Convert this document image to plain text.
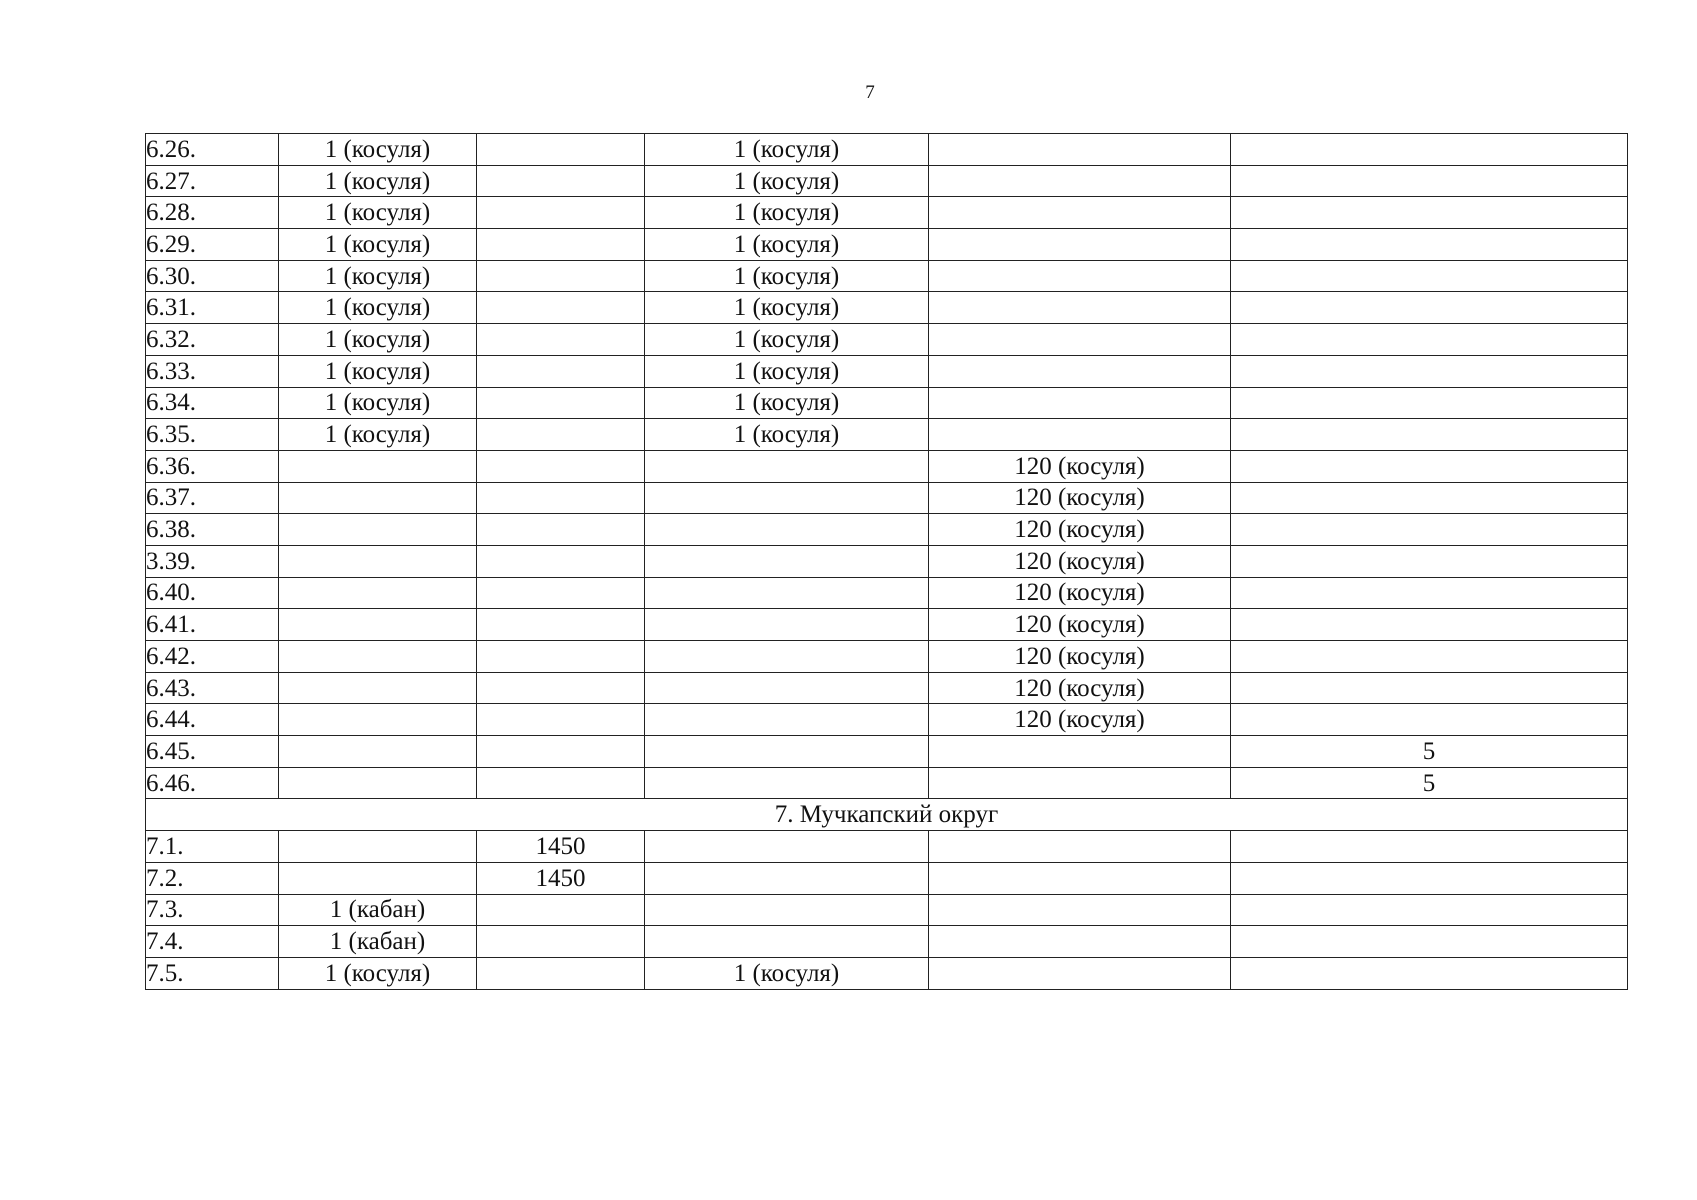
7
6.26.	1 (косуля)		1 (косуля)		
6.27.	1 (косуля)		1 (косуля)		
6.28.	1 (косуля)		1 (косуля)		
6.29.	1 (косуля)		1 (косуля)		
6.30.	1 (косуля)		1 (косуля)		
6.31.	1 (косуля)		1 (косуля)		
6.32.	1 (косуля)		1 (косуля)		
6.33.	1 (косуля)		1 (косуля)		
6.34.	1 (косуля)		1 (косуля)		
6.35.	1 (косуля)		1 (косуля)		
6.36.				120 (косуля)	
6.37.				120 (косуля)	
6.38.				120 (косуля)	
3.39.				120 (косуля)	
6.40.				120 (косуля)	
6.41.				120 (косуля)	
6.42.				120 (косуля)	
6.43.				120 (косуля)	
6.44.				120 (косуля)	
6.45.					5
6.46.					5
7. Мучкапский округ					
7.1.		1450			
7.2.		1450			
7.3.	1 (кабан)				
7.4.	1 (кабан)				
7.5.	1 (косуля)		1 (косуля)		
